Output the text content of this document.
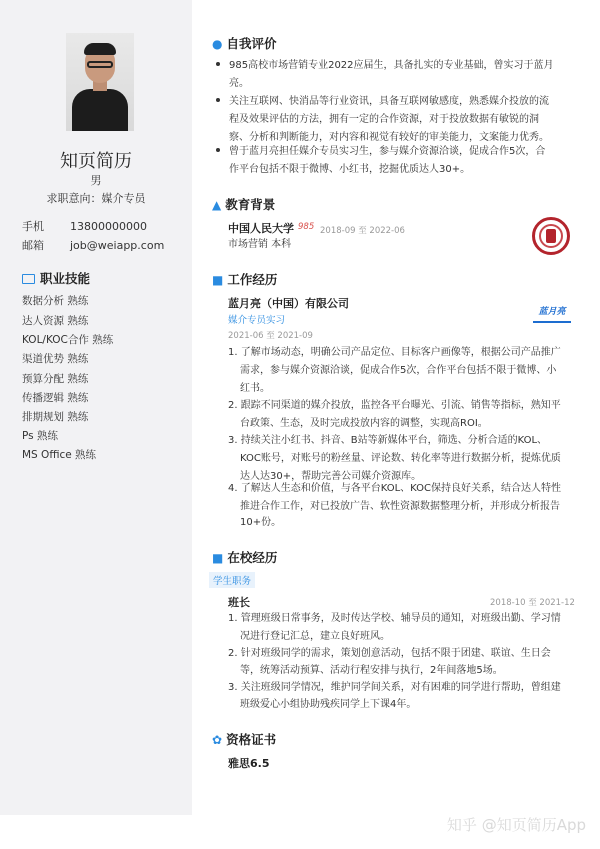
知页简历
男
求职意向：媒介专员
手机 13800000000
邮箱 job@weiapp.com
职业技能
数据分析 熟练
达人资源 熟练
KOL/KOC合作 熟练
渠道优势 熟练
预算分配 熟练
传播逻辑 熟练
排期规划 熟练
Ps 熟练
MS Office 熟练
● 自我评价
985高校市场营销专业2022应届生，具备扎实的专业基础，曾实习于蓝月
亮。
关注互联网、快消品等行业资讯，具备互联网敏感度，熟悉媒介投放的流
程及效果评估的方法，拥有一定的合作资源，对于投放数据有敏锐的洞
察、分析和判断能力，对内容和视觉有较好的审美能力，文案能力优秀。
曾于蓝月亮担任媒介专员实习生，参与媒介资源洽谈，促成合作5次，合
作平台包括不限于微博、小红书，挖掘优质达人30+。
▲ 教育背景
中国人民大学 985 2018-09 至 2022-06
市场营销 本科
■ 工作经历
蓝月亮（中国）有限公司
媒介专员实习
2021-06 至 2021-09
蓝月亮
1. 了解市场动态，明确公司产品定位、目标客户画像等，根据公司产品推广
需求，参与媒介资源洽谈，促成合作5次，合作平台包括不限于微博、小
红书。
2. 跟踪不同渠道的媒介投放，监控各平台曝光、引流、销售等指标，熟知平
台政策、生态，及时完成投放内容的调整，实现高ROI。
3. 持续关注小红书、抖音、B站等新媒体平台，筛选、分析合适的KOL、
KOC账号，对账号的粉丝量、评论数、转化率等进行数据分析，提炼优质
达人达30+，帮助完善公司媒介资源库。
4. 了解达人生态和价值，与各平台KOL、KOC保持良好关系，结合达人特性
推进合作工作，对已投放广告、软性资源数据整理分析，并形成分析报告
10+份。
■ 在校经历
学生职务
班长	2018-10 至 2021-12
1. 管理班级日常事务，及时传达学校、辅导员的通知，对班级出勤、学习情
况进行登记汇总，建立良好班风。
2. 针对班级同学的需求，策划创意活动，包括不限于团建、联谊、生日会
等，统筹活动预算、活动行程安排与执行，2年间落地5场。
3. 关注班级同学情况，维护同学间关系，对有困难的同学进行帮助，曾组建
班级爱心小组协助残疾同学上下课4年。
✿ 资格证书
雅思6.5
知乎 @知页简历App
